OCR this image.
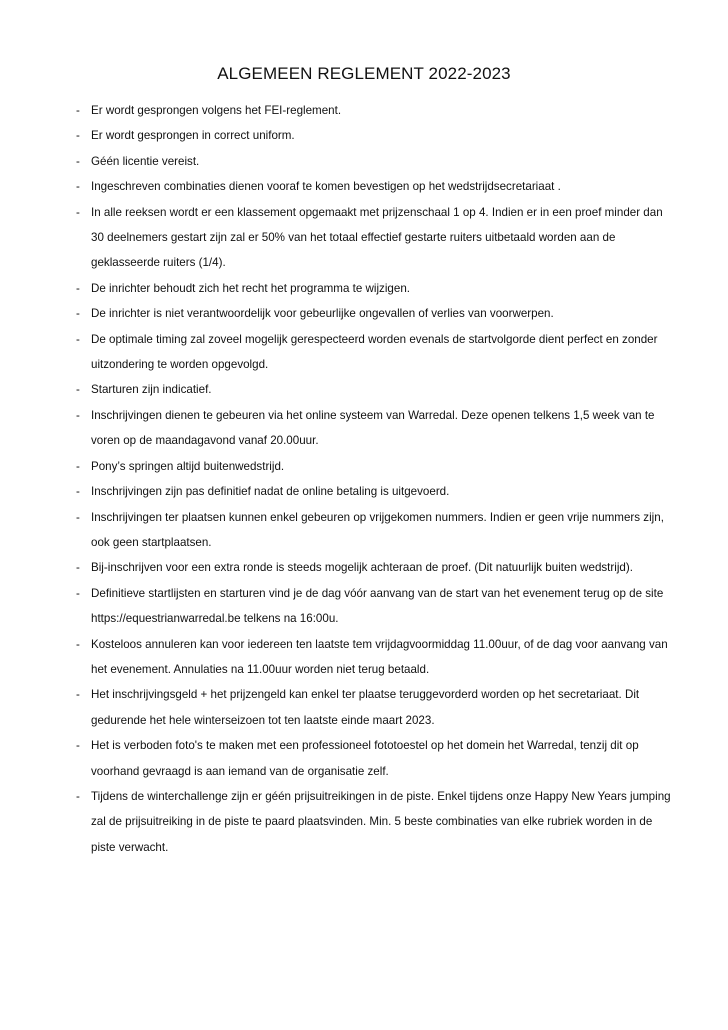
ALGEMEEN REGLEMENT 2022-2023
- Er wordt gesprongen volgens het FEI-reglement.
- Er wordt gesprongen in correct uniform.
- Géén licentie vereist.
- Ingeschreven combinaties dienen vooraf te komen bevestigen op het wedstrijdsecretariaat .
- In alle reeksen wordt er een klassement opgemaakt met prijzenschaal 1 op 4. Indien er in een proef minder dan 30 deelnemers gestart zijn zal er 50% van het totaal effectief gestarte ruiters uitbetaald worden aan de geklasseerde ruiters (1/4).
- De inrichter behoudt zich het recht het programma te wijzigen.
- De inrichter is niet verantwoordelijk voor gebeurlijke ongevallen of verlies van voorwerpen.
- De optimale timing zal zoveel mogelijk gerespecteerd worden evenals de startvolgorde dient perfect en zonder uitzondering te worden opgevolgd.
- Starturen zijn indicatief.
- Inschrijvingen dienen te gebeuren via het online systeem van Warredal. Deze openen telkens 1,5 week van te voren op de maandagavond vanaf 20.00uur.
- Pony’s springen altijd buitenwedstrijd.
- Inschrijvingen zijn pas definitief nadat de online betaling is uitgevoerd.
- Inschrijvingen ter plaatsen kunnen enkel gebeuren op vrijgekomen nummers. Indien er geen vrije nummers zijn, ook geen startplaatsen.
- Bij-inschrijven voor een extra ronde is steeds mogelijk achteraan de proef. (Dit natuurlijk buiten wedstrijd).
- Definitieve startlijsten en starturen vind je de dag vóór aanvang van de start van het evenement terug op de site https://equestrianwarredal.be telkens na 16:00u.
- Kosteloos annuleren kan voor iedereen ten laatste tem vrijdagvoormiddag 11.00uur, of de dag voor aanvang van het evenement. Annulaties na 11.00uur worden niet terug betaald.
- Het inschrijvingsgeld + het prijzengeld kan enkel ter plaatse teruggevorderd worden op het secretariaat. Dit gedurende het hele winterseizoen tot ten laatste einde maart 2023.
- Het is verboden foto's te maken met een professioneel fototoestel op het domein het Warredal, tenzij dit op voorhand gevraagd is aan iemand van de organisatie zelf.
- Tijdens de winterchallenge zijn er géén prijsuitreikingen in de piste. Enkel tijdens onze Happy New Years jumping zal de prijsuitreiking in de piste te paard plaatsvinden. Min. 5 beste combinaties van elke rubriek worden in de piste verwacht.
